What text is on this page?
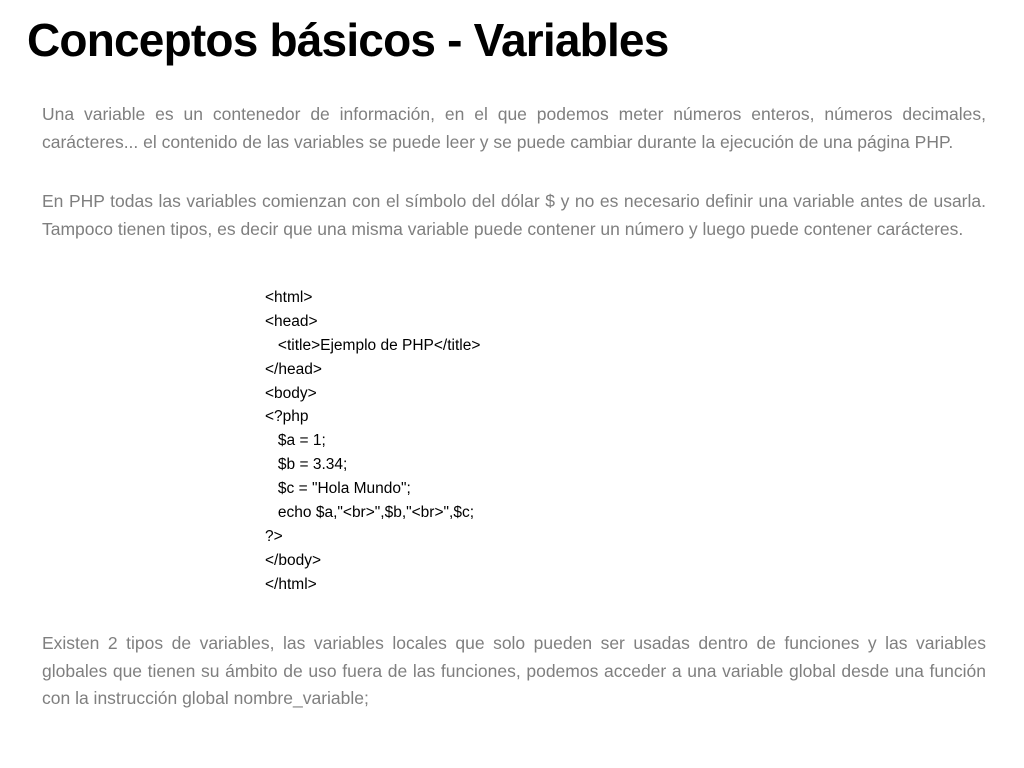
Conceptos básicos - Variables

Una variable es un contenedor de información, en el que podemos meter números enteros, números decimales, carácteres... el contenido de las variables se puede leer y se puede cambiar durante la ejecución de una página PHP.

En PHP todas las variables comienzan con el símbolo del dólar $ y no es necesario definir una variable antes de usarla. Tampoco tienen tipos, es decir que una misma variable puede contener un número y luego puede contener carácteres.

<html>
<head>
<title>Ejemplo de PHP</title>
</head>
<body>
<?php
$a = 1;
$b = 3.34;
$c = "Hola Mundo";
echo $a,"<br>",$b,"<br>",$c;
?>
</body>
</html>

Existen 2 tipos de variables, las variables locales que solo pueden ser usadas dentro de funciones y las variables globales que tienen su ámbito de uso fuera de las funciones, podemos acceder a una variable global desde una función con la instrucción global nombre_variable;
